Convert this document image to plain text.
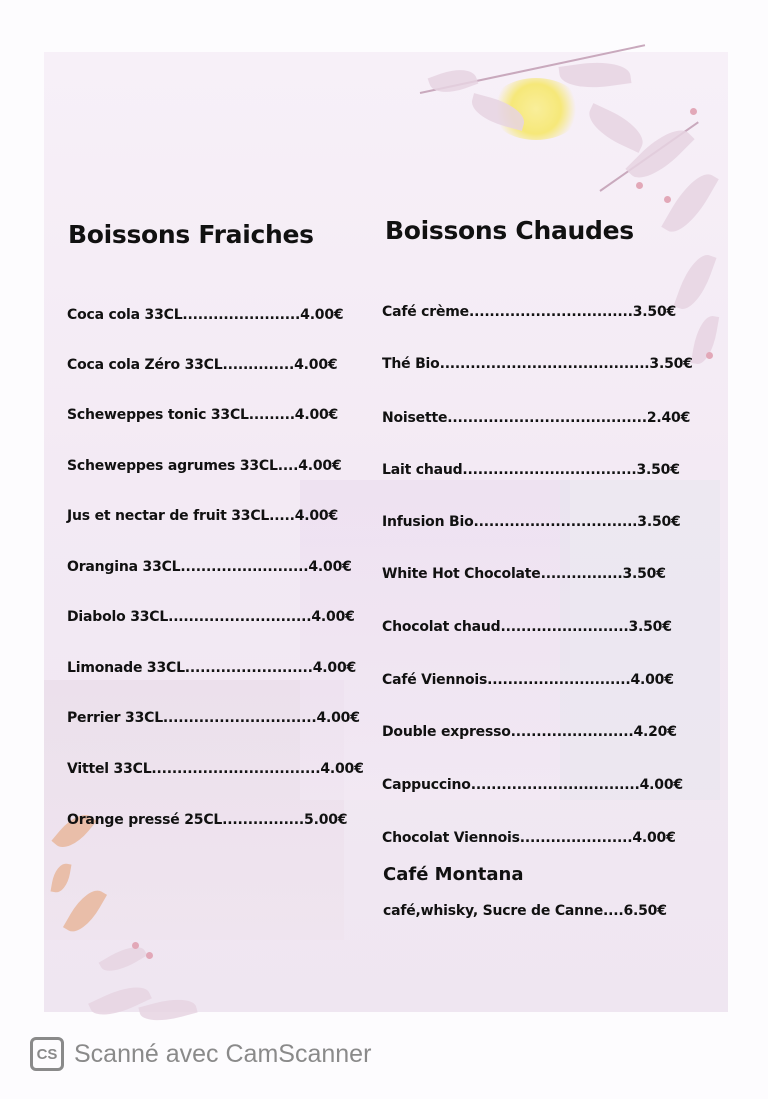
Boissons Fraiches
Coca cola 33CL.......................4.00€
Coca cola Zéro 33CL..............4.00€
Scheweppes tonic 33CL.........4.00€
Scheweppes agrumes 33CL....4.00€
Jus et nectar de fruit 33CL.....4.00€
Orangina 33CL.........................4.00€
Diabolo 33CL............................4.00€
Limonade 33CL.........................4.00€
Perrier 33CL..............................4.00€
Vittel 33CL.................................4.00€
Orange pressé 25CL................5.00€
Boissons Chaudes
Café crème................................3.50€
Thé Bio.........................................3.50€
Noisette.......................................2.40€
Lait chaud..................................3.50€
Infusion Bio................................3.50€
White Hot Chocolate................3.50€
Chocolat chaud.........................3.50€
Café Viennois............................4.00€
Double expresso........................4.20€
Cappuccino.................................4.00€
Chocolat Viennois......................4.00€
Café Montana
café,whisky, Sucre de Canne....6.50€
CS Scanné avec CamScanner
